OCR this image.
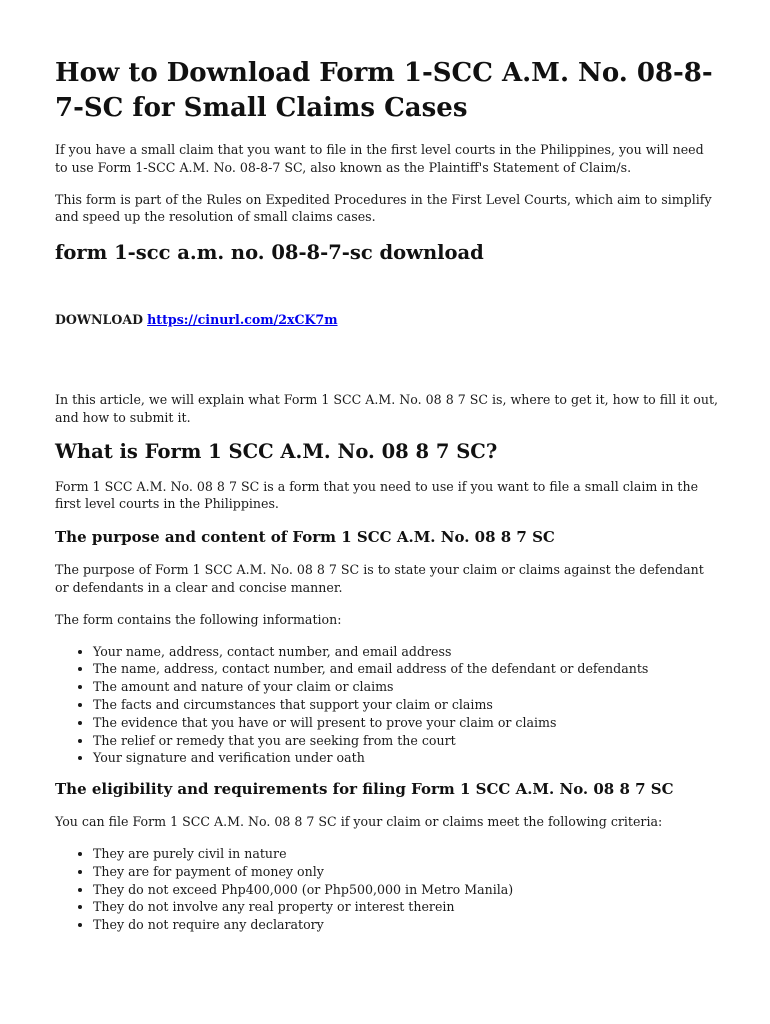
How to Download Form 1-SCC A.M. No. 08-8-7-SC for Small Claims Cases

If you have a small claim that you want to file in the first level courts in the Philippines, you will need to use Form 1-SCC A.M. No. 08-8-7 SC, also known as the Plaintiff's Statement of Claim/s.

This form is part of the Rules on Expedited Procedures in the First Level Courts, which aim to simplify and speed up the resolution of small claims cases.

form 1-scc a.m. no. 08-8-7-sc download
DOWNLOAD https://cinurl.com/2xCK7m

In this article, we will explain what Form 1 SCC A.M. No. 08 8 7 SC is, where to get it, how to fill it out, and how to submit it.

What is Form 1 SCC A.M. No. 08 8 7 SC?

Form 1 SCC A.M. No. 08 8 7 SC is a form that you need to use if you want to file a small claim in the first level courts in the Philippines.

The purpose and content of Form 1 SCC A.M. No. 08 8 7 SC

The purpose of Form 1 SCC A.M. No. 08 8 7 SC is to state your claim or claims against the defendant or defendants in a clear and concise manner.

The form contains the following information:

• Your name, address, contact number, and email address
• The name, address, contact number, and email address of the defendant or defendants
• The amount and nature of your claim or claims
• The facts and circumstances that support your claim or claims
• The evidence that you have or will present to prove your claim or claims
• The relief or remedy that you are seeking from the court
• Your signature and verification under oath
The eligibility and requirements for filing Form 1 SCC A.M. No. 08 8 7 SC

You can file Form 1 SCC A.M. No. 08 8 7 SC if your claim or claims meet the following criteria:

• They are purely civil in nature
• They are for payment of money only
• They do not exceed Php400,000 (or Php500,000 in Metro Manila)
• They do not involve any real property or interest therein
• They do not require any declaratory
